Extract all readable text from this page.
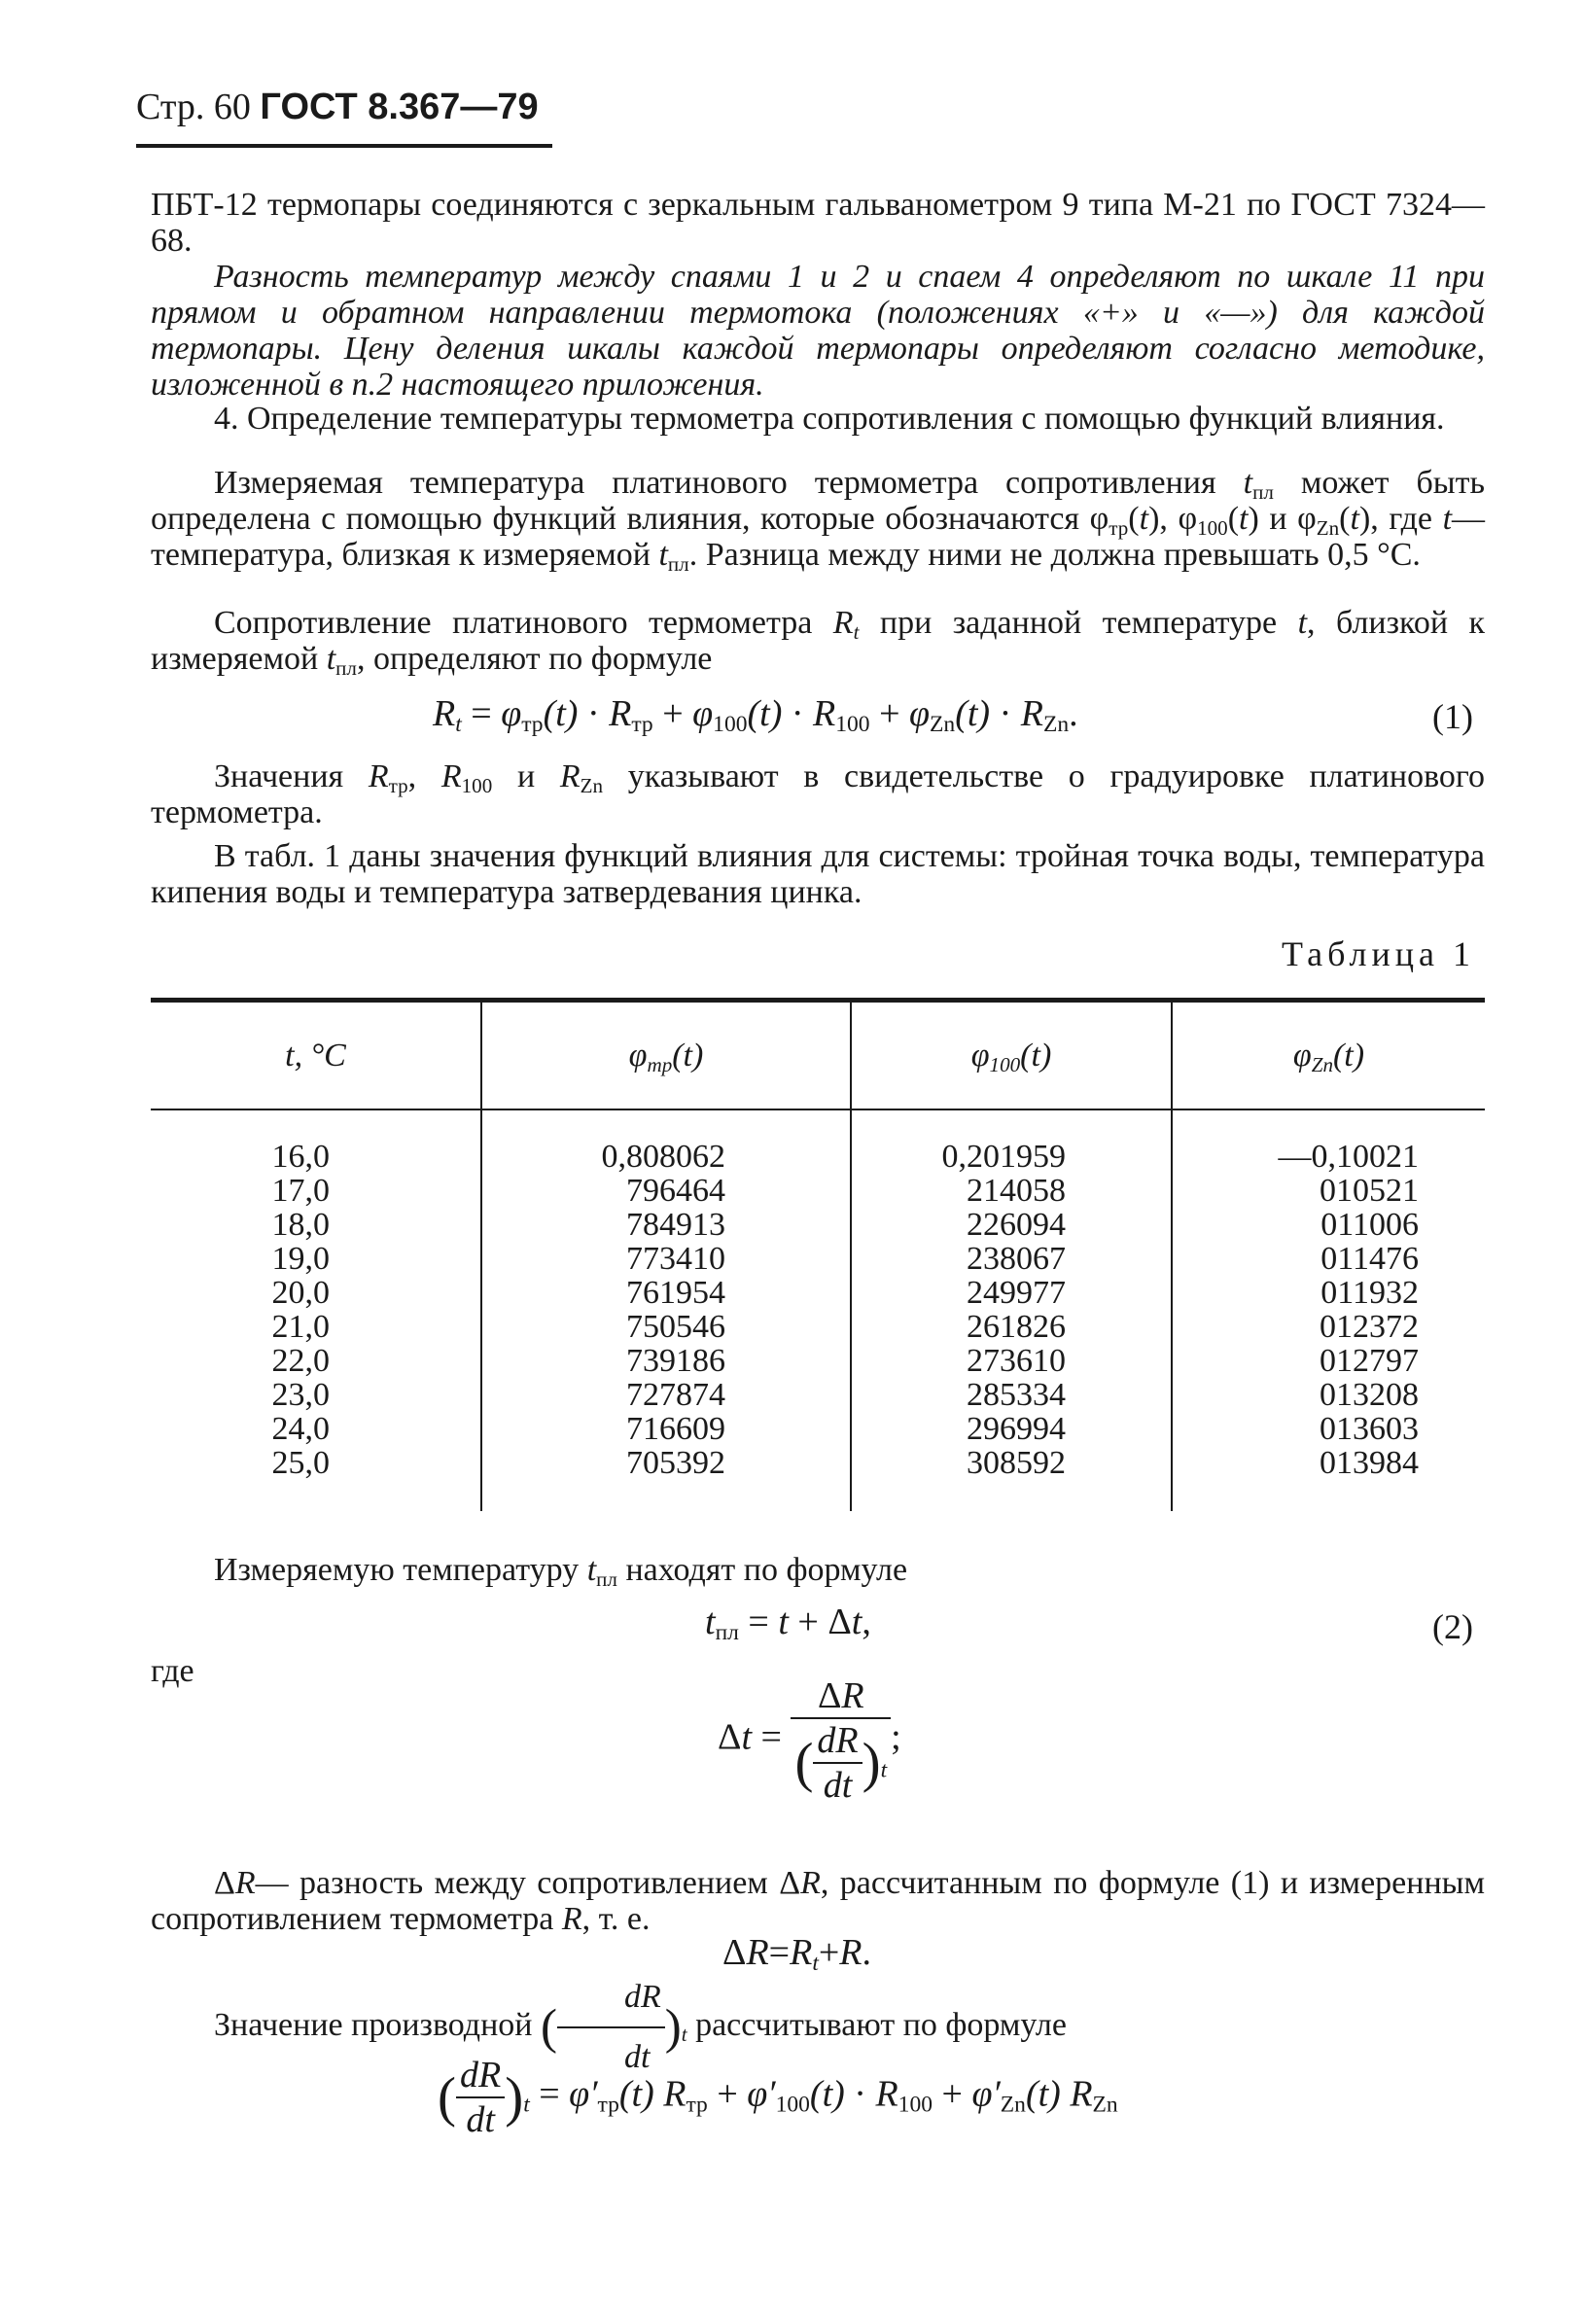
Стр. 60 ГОСТ 8.367—79
ПБТ-12 термопары соединяются с зеркальным гальванометром 9 типа М-21 по ГОСТ 7324—68.
Разность температур между спаями 1 и 2 и спаем 4 определяют по шкале 11 при прямом и обратном направлении термотока (положениях «+» и «—») для каждой термопары. Цену деления шкалы каждой термопары определяют согласно методике, изложенной в п.2 настоящего приложения.
4. Определение температуры термометра сопротивления с помощью функций влияния.
Измеряемая температура платинового термометра сопротивления $t_{пл}$ может быть определена с помощью функций влияния, которые обозначаются $\varphi_{тр}(t)$, $\varphi_{100}(t)$ и $\varphi_{Zn}(t)$, где t— температура, близкая к измеряемой $t_{пл}$. Разница между ними не должна превышать 0,5 °С.
Сопротивление платинового термометра $R_t$ при заданной температуре t, близкой к измеряемой $t_{пл}$, определяют по формуле
$R_t = \varphi_{тр}(t) \cdot R_{тр} + \varphi_{100}(t) \cdot R_{100} + \varphi_{Zn}(t) \cdot R_{Zn}$.	(1)
Значения $R_{тр}$, $R_{100}$ и $R_{Zn}$ указывают в свидетельстве о градуировке платинового термометра.
В табл. 1 даны значения функций влияния для системы: тройная точка воды, температура кипения воды и температура затвердевания цинка.
Таблица 1
t, °С	$\varphi_{тр}(t)$	$\varphi_{100}(t)$	$\varphi_{Zn}(t)$
16,0	0,808062	0,201959	—0,10021
17,0	796464	214058	010521
18,0	784913	226094	011006
19,0	773410	238067	011476
20,0	761954	249977	011932
21,0	750546	261826	012372
22,0	739186	273610	012797
23,0	727874	285334	013208
24,0	716609	296994	013603
25,0	705392	308592	013984
Измеряемую температуру $t_{пл}$ находят по формуле
$t_{пл} = t + \Delta t$,	(2)
где
$\Delta t = \frac{\Delta R}{( \frac{dR}{dt} )_t}$ ;
ΔR— разность между сопротивлением ΔR, рассчитанным по формуле (1) и измеренным сопротивлением термометра R, т. е.
$\Delta R=R_t+R$.
Значение производной ( $\frac{dR}{dt} )_t$ рассчитывают по формуле
( $\frac{dR}{dt} )_t = \varphi'_{тр}(t)$ $R_{тр} + \varphi'_{100}(t) \cdot R_{100} + \varphi'_{Zn}(t)$ $R_{Zn}$
